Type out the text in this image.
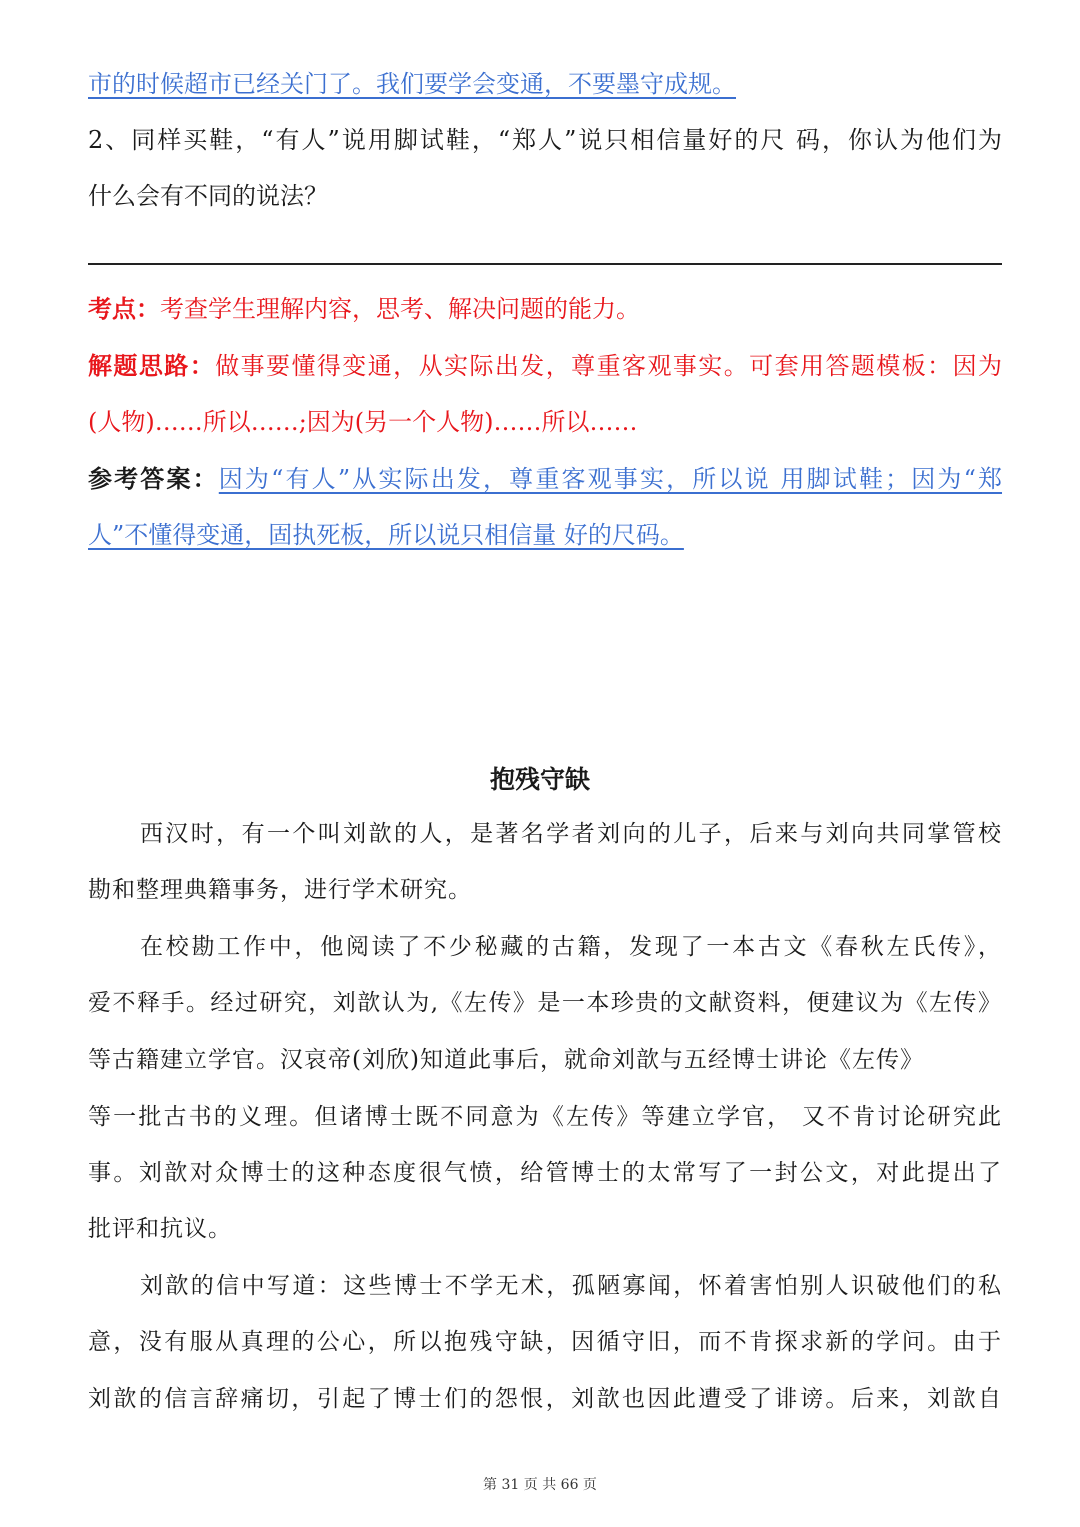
市的时候超市已经关门了。我们要学会变通，不要墨守成规。
2、同样买鞋，“有人”说用脚试鞋，“郑人”说只相信量好的尺 码，你认为他们为
什么会有不同的说法？
考点：考查学生理解内容，思考、解决问题的能力。
解题思路：做事要懂得变通，从实际出发，尊重客观事实。可套用答题模板：因为
(人物)……所以……;因为(另一个人物)……所以……
参考答案：因为“有人”从实际出发，尊重客观事实，所以说 用脚试鞋；因为“郑
人”不懂得变通，固执死板，所以说只相信量 好的尺码。
抱残守缺
西汉时，有一个叫刘歆的人，是著名学者刘向的儿子，后来与刘向共同掌管校
勘和整理典籍事务，进行学术研究。
在校勘工作中，他阅读了不少秘藏的古籍，发现了一本古文《春秋左氏传》，
爱不释手。经过研究，刘歆认为,《左传》是一本珍贵的文献资料，便建议为《左传》
等古籍建立学官。汉哀帝(刘欣)知道此事后，就命刘歆与五经博士讲论《左传》
等一批古书的义理。但诸博士既不同意为《左传》等建立学官， 又不肯讨论研究此
事。刘歆对众博士的这种态度很气愤，给管博士的太常写了一封公文，对此提出了
批评和抗议。
刘歆的信中写道：这些博士不学无术，孤陋寡闻，怀着害怕别人识破他们的私
意，没有服从真理的公心，所以抱残守缺，因循守旧，而不肯探求新的学问。由于
刘歆的信言辞痛切，引起了博士们的怨恨，刘歆也因此遭受了诽谤。后来，刘歆自
第 31 页 共 66 页
